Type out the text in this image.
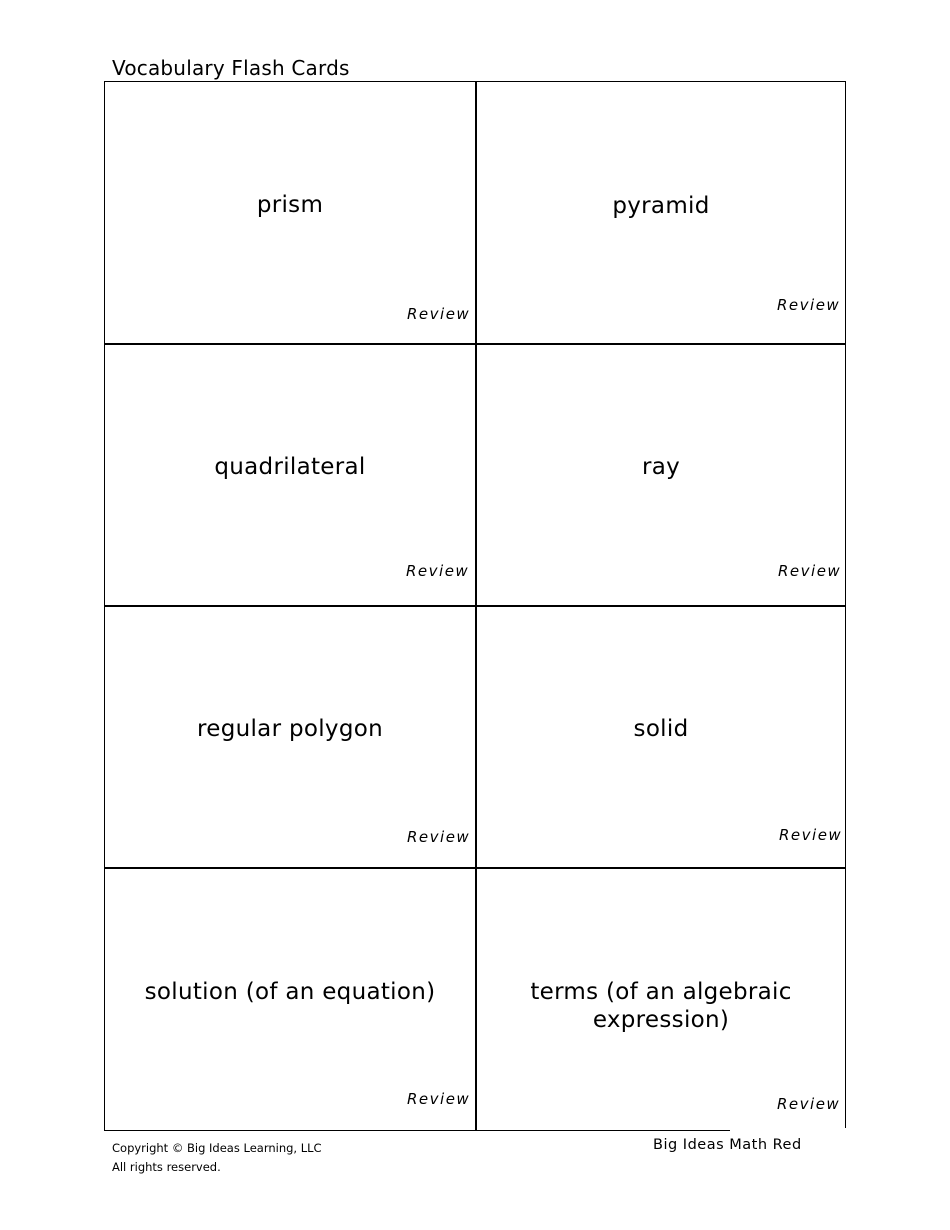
Vocabulary Flash Cards
prism
Review
pyramid
Review
quadrilateral
Review
ray
Review
regular polygon
Review
solid
Review
solution (of an equation)
Review
terms (of an algebraic expression)
Review
Copyright © Big Ideas Learning, LLC
All rights reserved.
Big Ideas Math Red
